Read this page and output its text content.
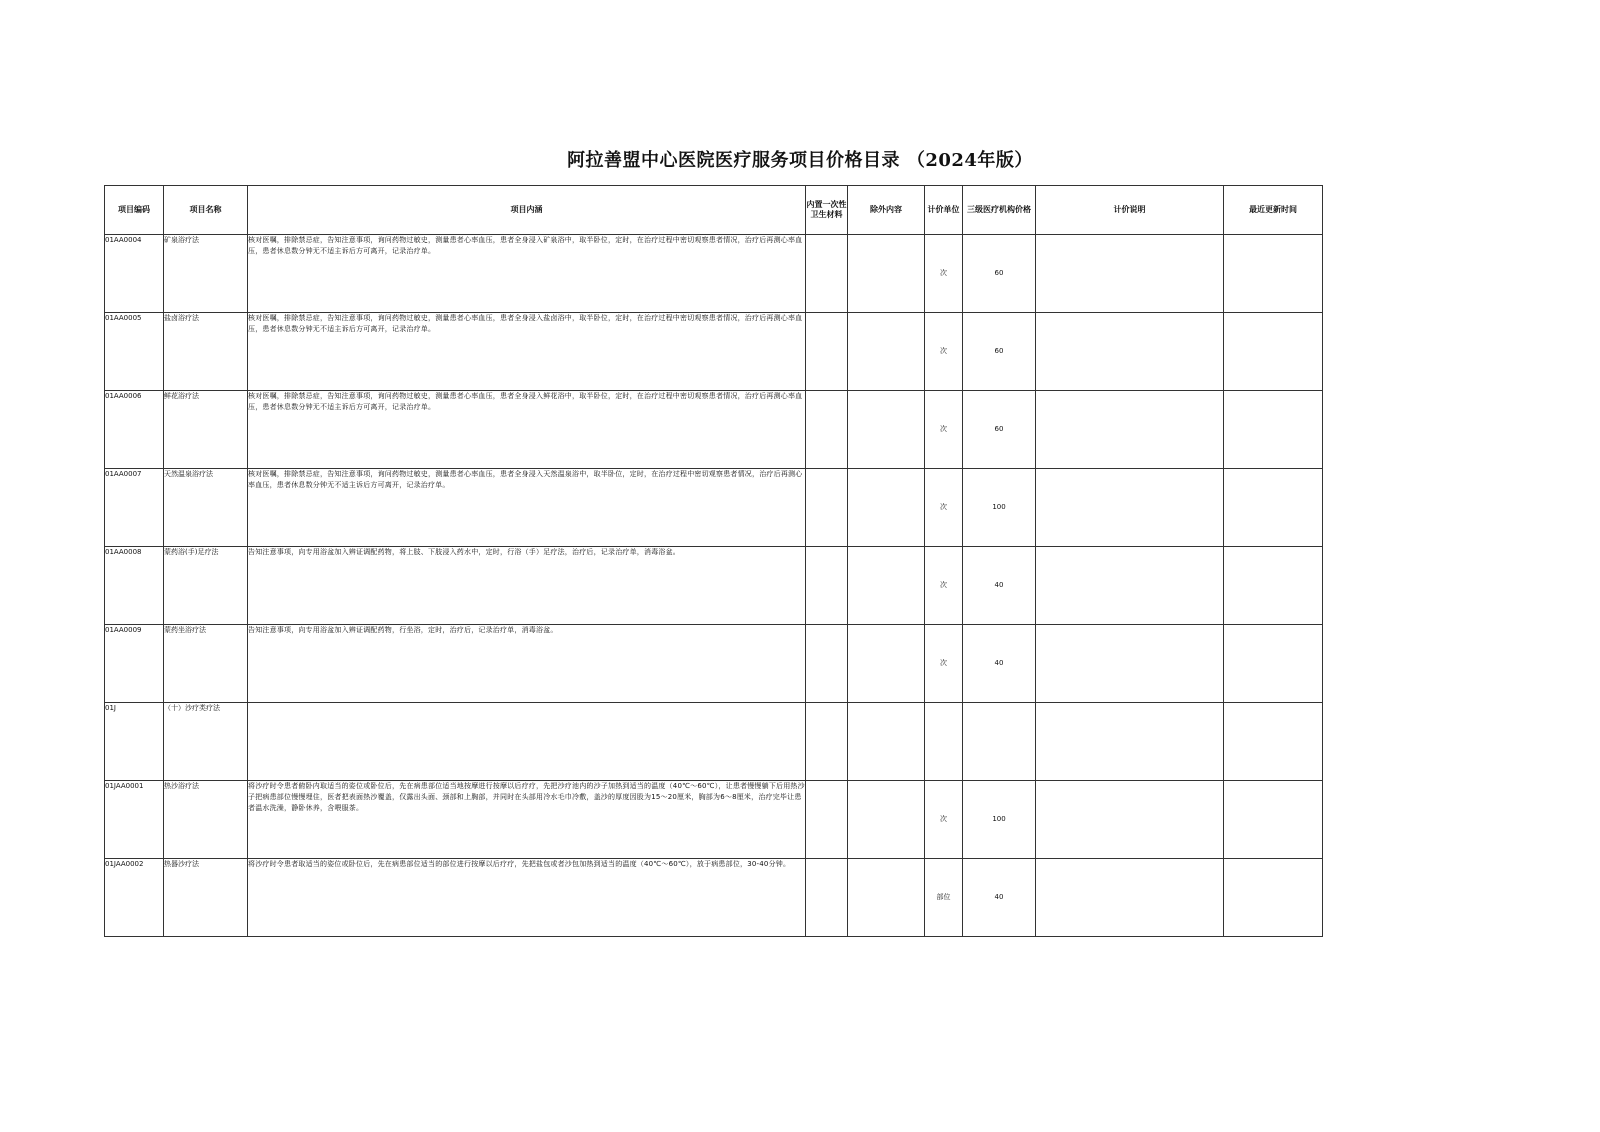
阿拉善盟中心医院医疗服务项目价格目录 （2024年版）
项目编码	项目名称	项目内涵	内置一次性卫生材料	除外内容	计价单位	三级医疗机构价格	计价说明	最近更新时间
01AA0004	矿泉浴疗法	核对医嘱，排除禁忌症，告知注意事项，询问药物过敏史，测量患者心率血压，患者全身浸入矿泉浴中，取半卧位，定时，在治疗过程中密切观察患者情况，治疗后再测心率血压，患者休息数分钟无不适主诉后方可离开，记录治疗单。			次	60		
01AA0005	盐卤浴疗法	核对医嘱，排除禁忌症，告知注意事项，询问药物过敏史，测量患者心率血压，患者全身浸入盐卤浴中，取半卧位，定时，在治疗过程中密切观察患者情况，治疗后再测心率血压，患者休息数分钟无不适主诉后方可离开，记录治疗单。			次	60		
01AA0006	鲜花浴疗法	核对医嘱，排除禁忌症，告知注意事项，询问药物过敏史，测量患者心率血压，患者全身浸入鲜花浴中，取半卧位，定时，在治疗过程中密切观察患者情况，治疗后再测心率血压，患者休息数分钟无不适主诉后方可离开，记录治疗单。			次	60		
01AA0007	天然温泉浴疗法	核对医嘱，排除禁忌症，告知注意事项，询问药物过敏史，测量患者心率血压，患者全身浸入天然温泉浴中，取半卧位，定时，在治疗过程中密切观察患者情况，治疗后再测心率血压，患者休息数分钟无不适主诉后方可离开，记录治疗单。			次	100		
01AA0008	蒙药浴(手)足疗法	告知注意事项，向专用浴盆加入辨证调配药物，将上肢、下肢浸入药水中，定时，行浴（手）足疗法，治疗后，记录治疗单，消毒浴盆。			次	40		
01AA0009	蒙药坐浴疗法	告知注意事项，向专用浴盆加入辨证调配药物，行坐浴，定时，治疗后，记录治疗单，消毒浴盆。			次	40		
01J	（十）沙疗类疗法							
01JAA0001	热沙浴疗法	将沙疗时令患者俯卧内取适当的姿位或卧位后，先在病患部位适当地按摩进行按摩以后疗疗，先把沙疗池内的沙子加热到适当的温度（40℃～60℃），让患者慢慢躺下后用热沙子把病患部位慢慢埋住，医者把表面热沙覆盖，仅露出头面、颈部和上胸部，并同时在头部用冷水毛巾冷敷，盖沙的厚度因股为15～20厘米，胸部为6～8厘米，治疗完毕让患者温水洗澡，静卧休养，含喂服茶。			次	100		
01JAA0002	热器沙疗法	将沙疗时令患者取适当的姿位或卧位后，先在病患部位适当的部位进行按摩以后疗疗，先把盐包或者沙包加热到适当的温度（40℃～60℃），放于病患部位，30-40分钟。			部位	40		
